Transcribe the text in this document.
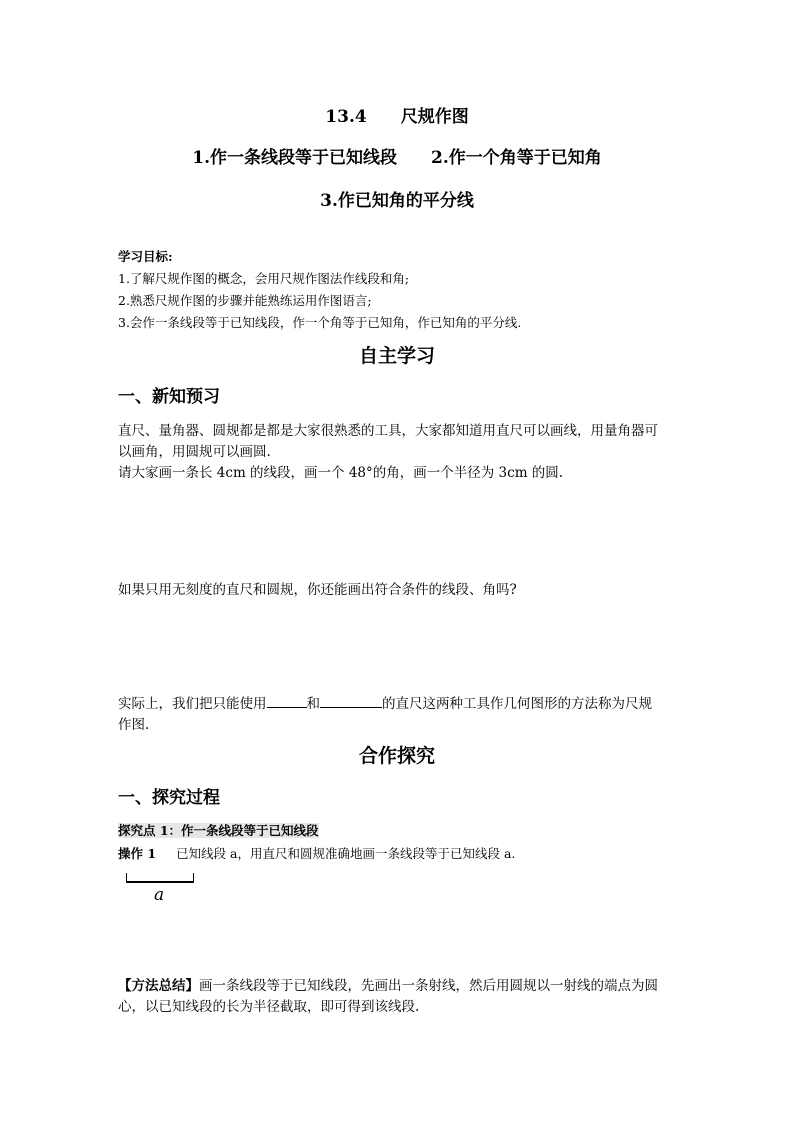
13.4 尺规作图
1.作一条线段等于已知线段 2.作一个角等于已知角
3.作已知角的平分线
学习目标:
1.了解尺规作图的概念，会用尺规作图法作线段和角;
2.熟悉尺规作图的步骤并能熟练运用作图语言;
3.会作一条线段等于已知线段，作一个角等于已知角，作已知角的平分线.
自主学习
一、新知预习
直尺、量角器、圆规都是都是大家很熟悉的工具，大家都知道用直尺可以画线，用量角器可
以画角，用圆规可以画圆.
请大家画一条长 4cm 的线段，画一个 48°的角，画一个半径为 3cm 的圆.
如果只用无刻度的直尺和圆规，你还能画出符合条件的线段、角吗?
实际上，我们把只能使用	和	的直尺这两种工具作几何图形的方法称为尺规
作图.
合作探究
一、探究过程
探究点 1：作一条线段等于已知线段
操作 1 已知线段 a，用直尺和圆规准确地画一条线段等于已知线段 a.
a
【方法总结】画一条线段等于已知线段，先画出一条射线，然后用圆规以一射线的端点为圆
心，以已知线段的长为半径截取，即可得到该线段.
